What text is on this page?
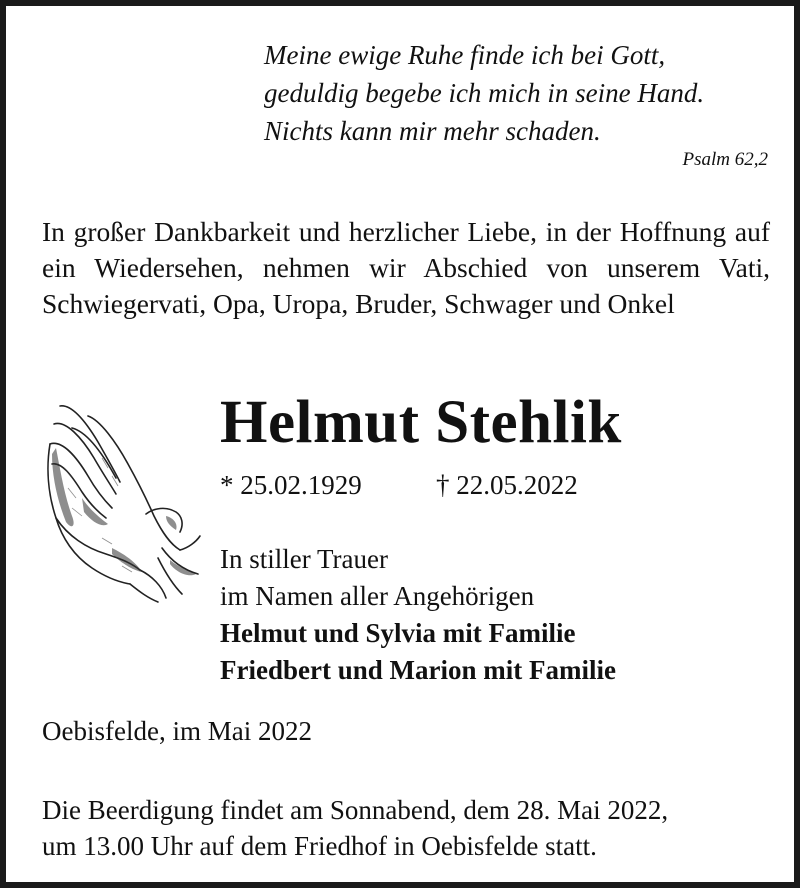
Meine ewige Ruhe finde ich bei Gott,
geduldig begebe ich mich in seine Hand.
Nichts kann mir mehr schaden.
Psalm 62,2

In großer Dankbarkeit und herzlicher Liebe, in der Hoffnung auf ein Wiedersehen, nehmen wir Abschied von unserem Vati, Schwiegervati, Opa, Uropa, Bruder, Schwager und Onkel

Helmut Stehlik
* 25.02.1929	† 22.05.2022
In stiller Trauer
im Namen aller Angehörigen
Helmut und Sylvia mit Familie
Friedbert und Marion mit Familie
Oebisfelde, im Mai 2022
Die Beerdigung findet am Sonnabend, dem 28. Mai 2022,
um 13.00 Uhr auf dem Friedhof in Oebisfelde statt.
